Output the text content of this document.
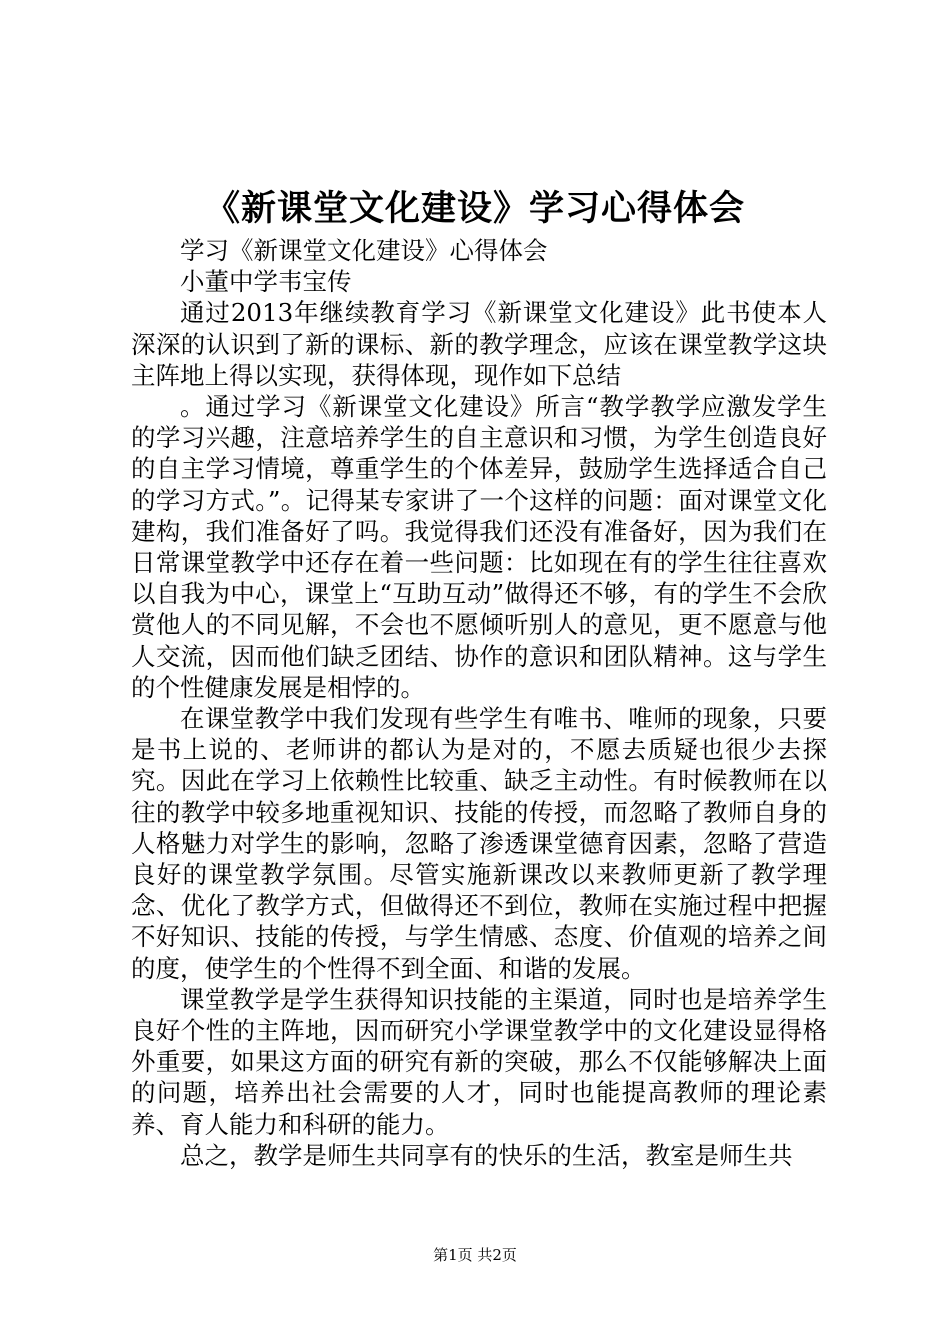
《新课堂文化建设》学习心得体会

学习《新课堂文化建设》心得体会

小董中学韦宝传

通过2013年继续教育学习《新课堂文化建设》此书使本人深深的认识到了新的课标、新的教学理念，应该在课堂教学这块主阵地上得以实现，获得体现，现作如下总结

。通过学习《新课堂文化建设》所言“教学教学应激发学生的学习兴趣，注意培养学生的自主意识和习惯，为学生创造良好的自主学习情境，尊重学生的个体差异，鼓励学生选择适合自己的学习方式。”。记得某专家讲了一个这样的问题：面对课堂文化建构，我们准备好了吗。我觉得我们还没有准备好，因为我们在日常课堂教学中还存在着一些问题：比如现在有的学生往往喜欢以自我为中心，课堂上“互助互动”做得还不够，有的学生不会欣赏他人的不同见解，不会也不愿倾听别人的意见，更不愿意与他人交流，因而他们缺乏团结、协作的意识和团队精神。这与学生的个性健康发展是相悖的。

在课堂教学中我们发现有些学生有唯书、唯师的现象，只要是书上说的、老师讲的都认为是对的，不愿去质疑也很少去探究。因此在学习上依赖性比较重、缺乏主动性。有时候教师在以往的教学中较多地重视知识、技能的传授，而忽略了教师自身的人格魅力对学生的影响，忽略了渗透课堂德育因素，忽略了营造良好的课堂教学氛围。尽管实施新课改以来教师更新了教学理念、优化了教学方式，但做得还不到位，教师在实施过程中把握不好知识、技能的传授，与学生情感、态度、价值观的培养之间的度，使学生的个性得不到全面、和谐的发展。

课堂教学是学生获得知识技能的主渠道，同时也是培养学生良好个性的主阵地，因而研究小学课堂教学中的文化建设显得格外重要，如果这方面的研究有新的突破，那么不仅能够解决上面的问题，培养出社会需要的人才，同时也能提高教师的理论素养、育人能力和科研的能力。

总之，教学是师生共同享有的快乐的生活，教室是师生共

第1页 共2页
